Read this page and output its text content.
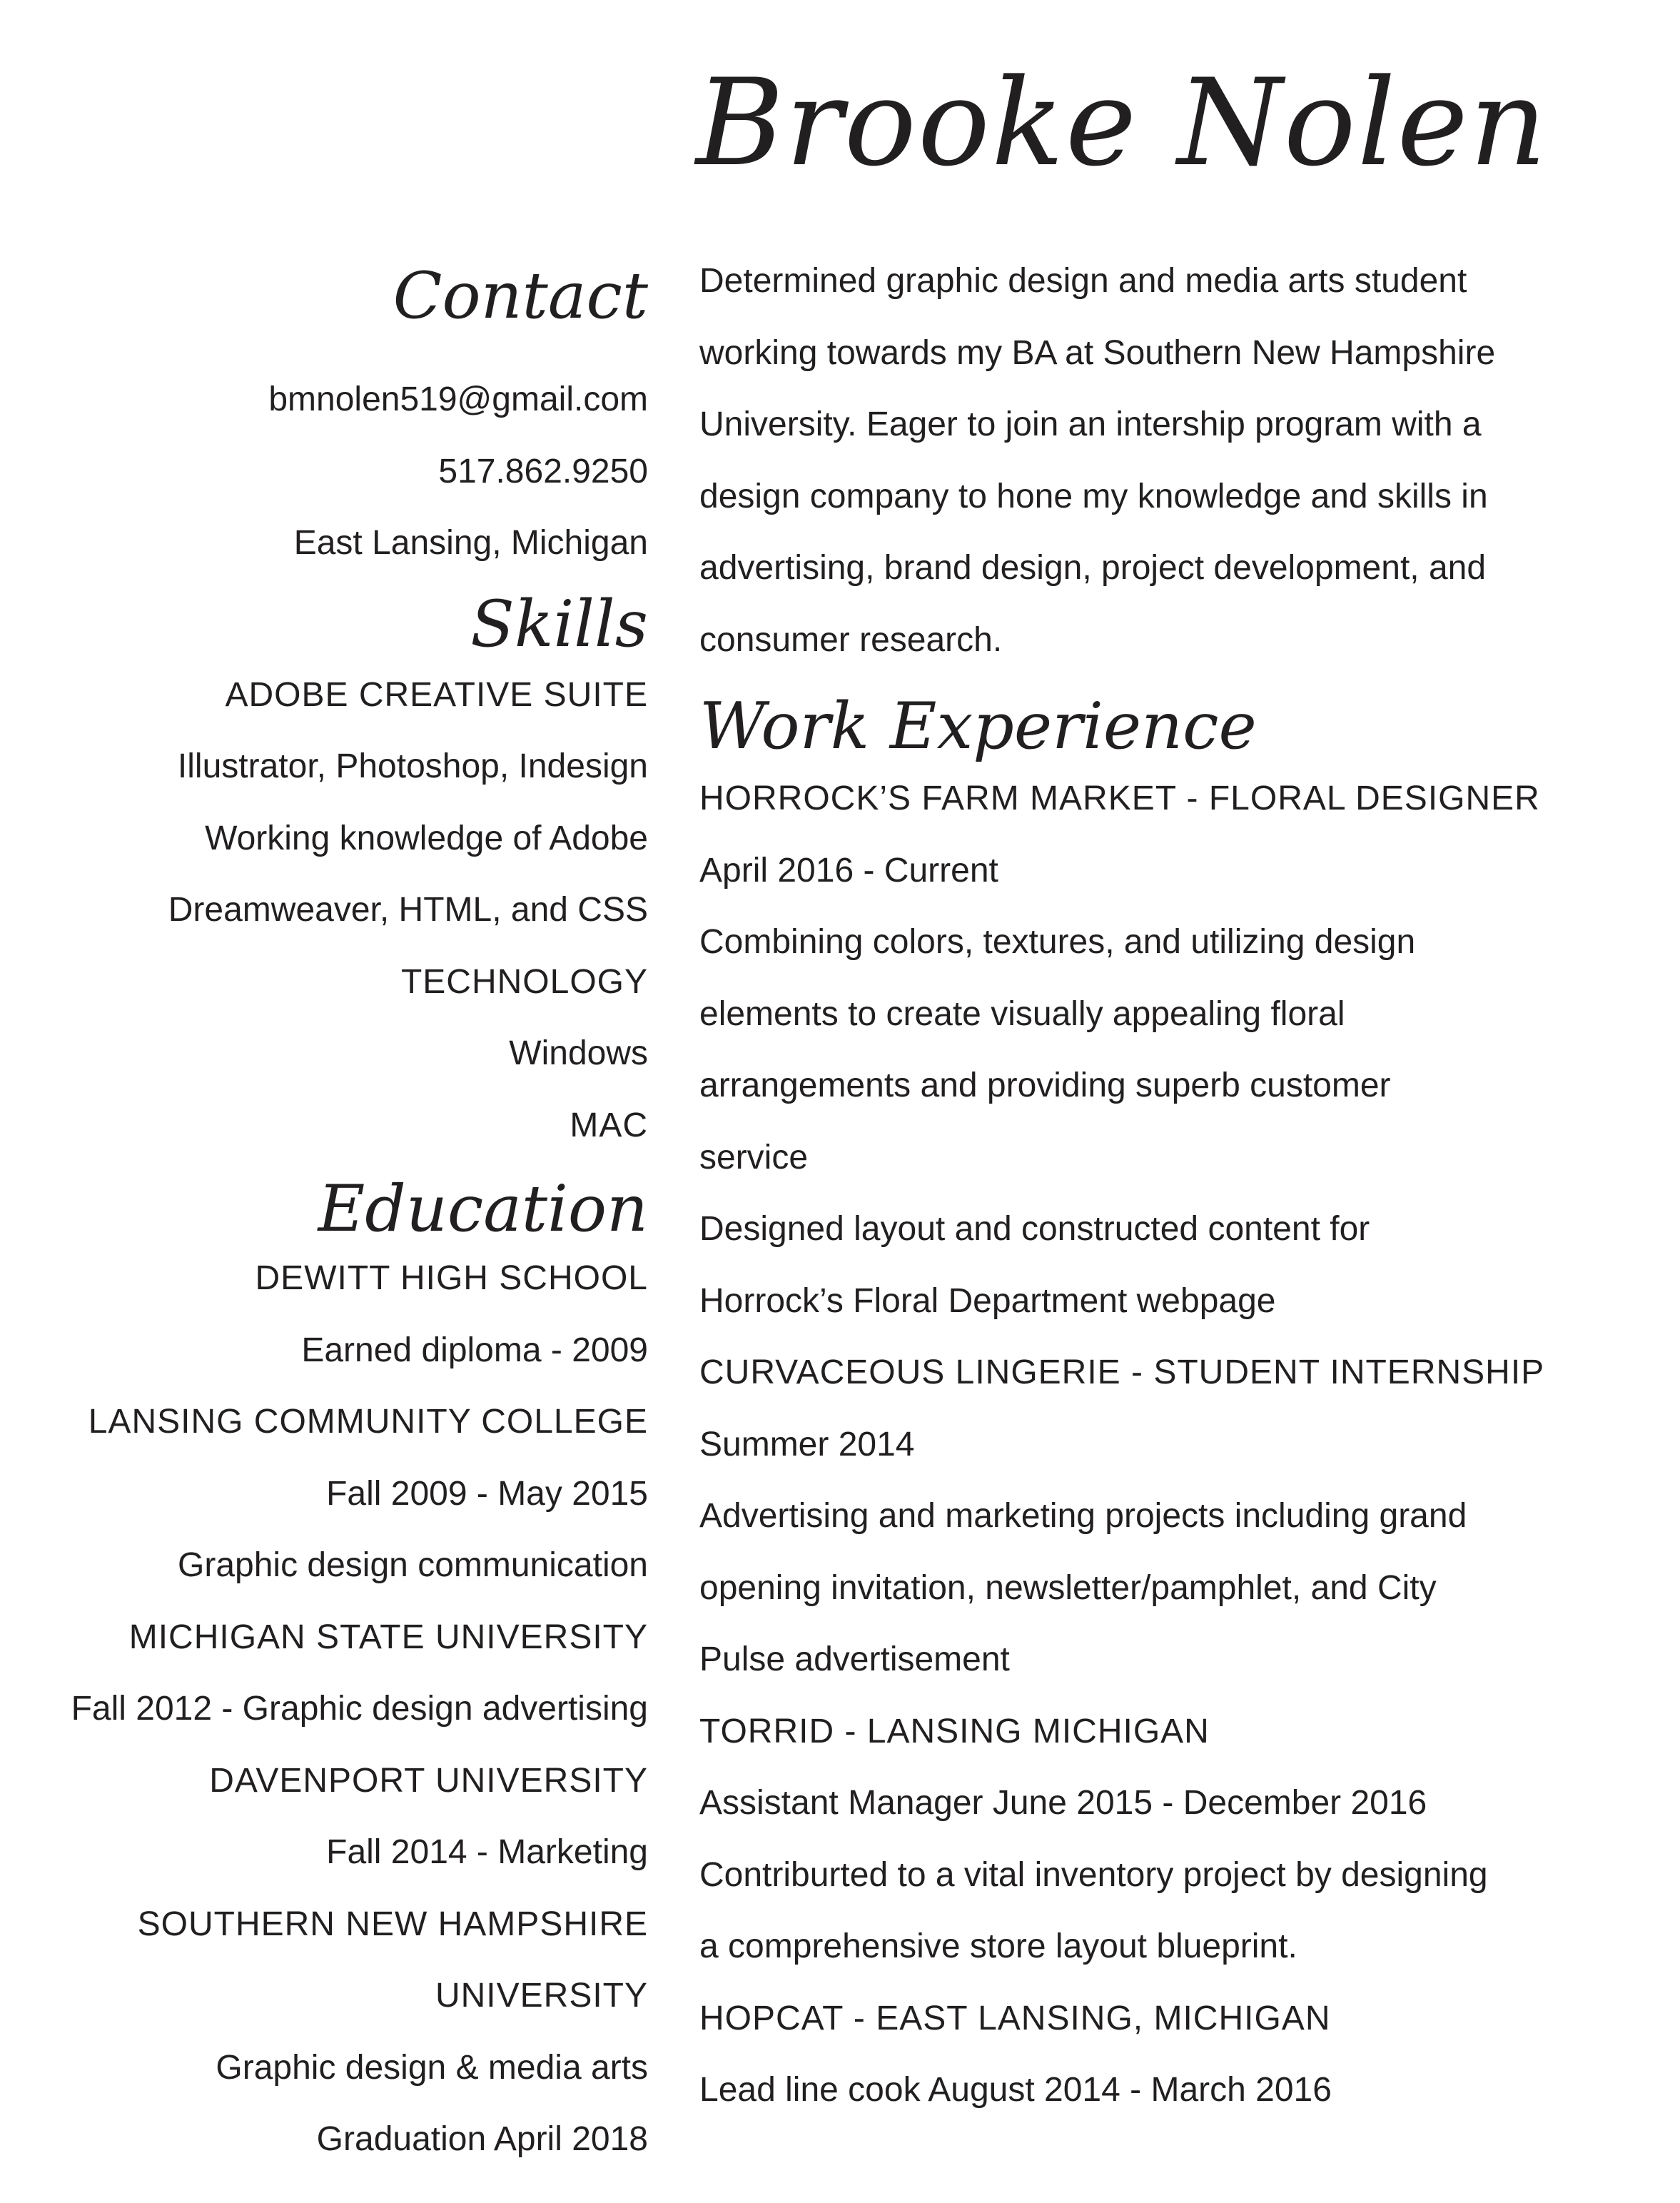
Brooke Nolen
Contact
bmnolen519@gmail.com
517.862.9250
East Lansing, Michigan
Skills
ADOBE CREATIVE SUITE
Illustrator, Photoshop, Indesign
Working knowledge of Adobe
Dreamweaver, HTML, and CSS
TECHNOLOGY
Windows
MAC
Education
DEWITT HIGH SCHOOL
Earned diploma - 2009
LANSING COMMUNITY COLLEGE
Fall 2009 - May 2015
Graphic design communication
MICHIGAN STATE UNIVERSITY
Fall 2012 - Graphic design advertising
DAVENPORT UNIVERSITY
Fall 2014 - Marketing
SOUTHERN NEW HAMPSHIRE
UNIVERSITY
Graphic design & media arts
Graduation April 2018
Determined graphic design and media arts student
working towards my BA at Southern New Hampshire
University. Eager to join an intership program with a
design company to hone my knowledge and skills in
advertising, brand design, project development, and
consumer research.
Work Experience
HORROCK’S FARM MARKET - FLORAL DESIGNER
April 2016 - Current
Combining colors, textures, and utilizing design
elements to create visually appealing floral
arrangements and providing superb customer
service
Designed layout and constructed content for
Horrock’s Floral Department webpage
CURVACEOUS LINGERIE - STUDENT INTERNSHIP
Summer 2014
Advertising and marketing projects including grand
opening invitation, newsletter/pamphlet, and City
Pulse advertisement
TORRID - LANSING MICHIGAN
Assistant Manager June 2015 - December 2016
Contriburted to a vital inventory project by designing
a comprehensive store layout blueprint.
HOPCAT - EAST LANSING, MICHIGAN
Lead line cook August 2014 - March 2016
